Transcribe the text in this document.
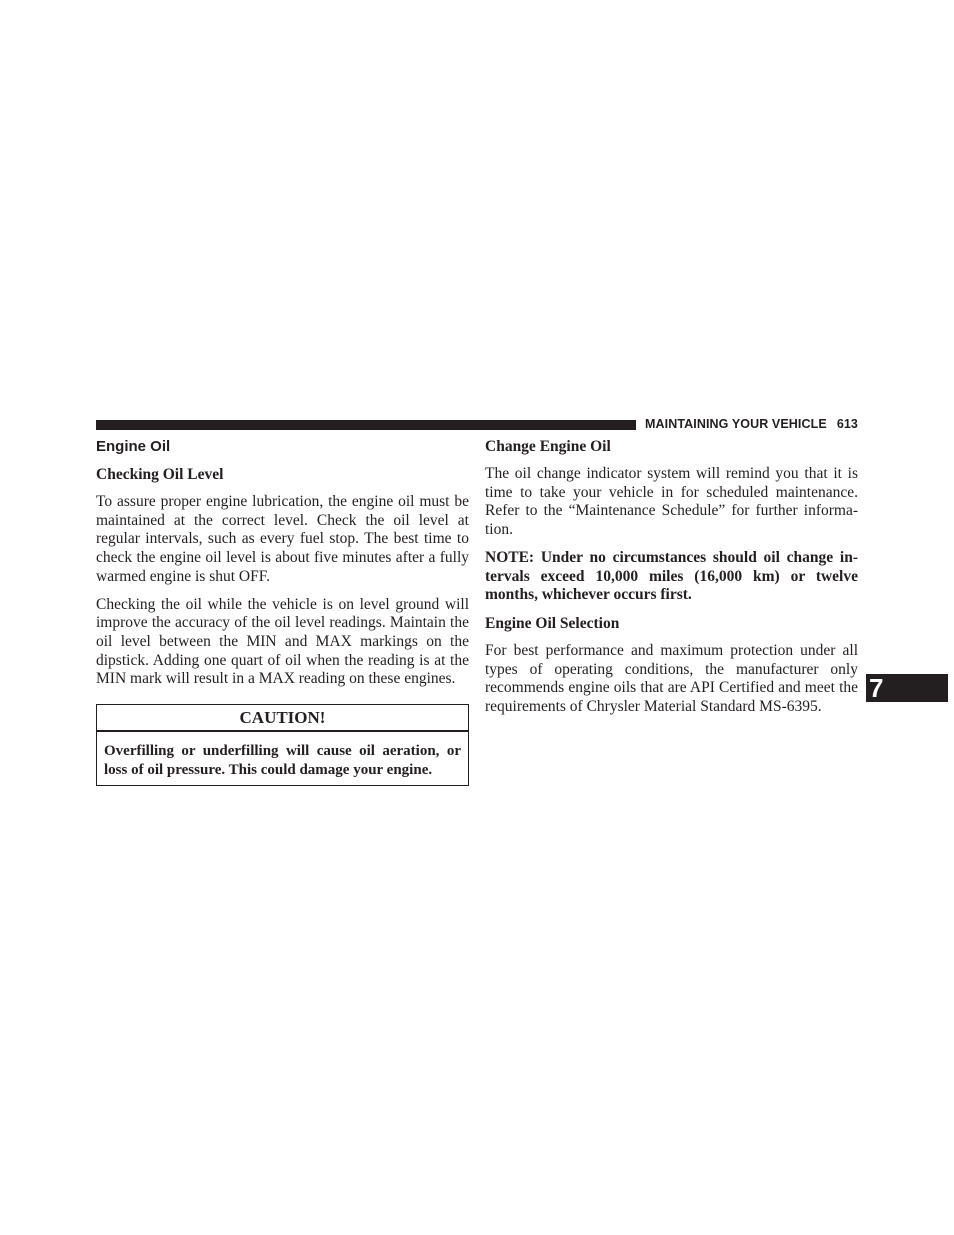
MAINTAINING YOUR VEHICLE 613
7
Engine Oil
Checking Oil Level

To assure proper engine lubrication, the engine oil must be maintained at the correct level. Check the oil level at regular intervals, such as every fuel stop. The best time to check the engine oil level is about five minutes after a fully warmed engine is shut OFF.

Checking the oil while the vehicle is on level ground will improve the accuracy of the oil level readings. Maintain the oil level between the MIN and MAX markings on the dipstick. Adding one quart of oil when the reading is at the MIN mark will result in a MAX reading on these engines.

CAUTION!
Overfilling or underfilling will cause oil aeration, or loss of oil pressure. This could damage your engine.
Change Engine Oil

The oil change indicator system will remind you that it is time to take your vehicle in for scheduled maintenance. Refer to the “Maintenance Schedule” for further information.

NOTE: Under no circumstances should oil change intervals exceed 10,000 miles (16,000 km) or twelve months, whichever occurs first.

Engine Oil Selection

For best performance and maximum protection under all types of operating conditions, the manufacturer only recommends engine oils that are API Certified and meet the requirements of Chrysler Material Standard MS-6395.
